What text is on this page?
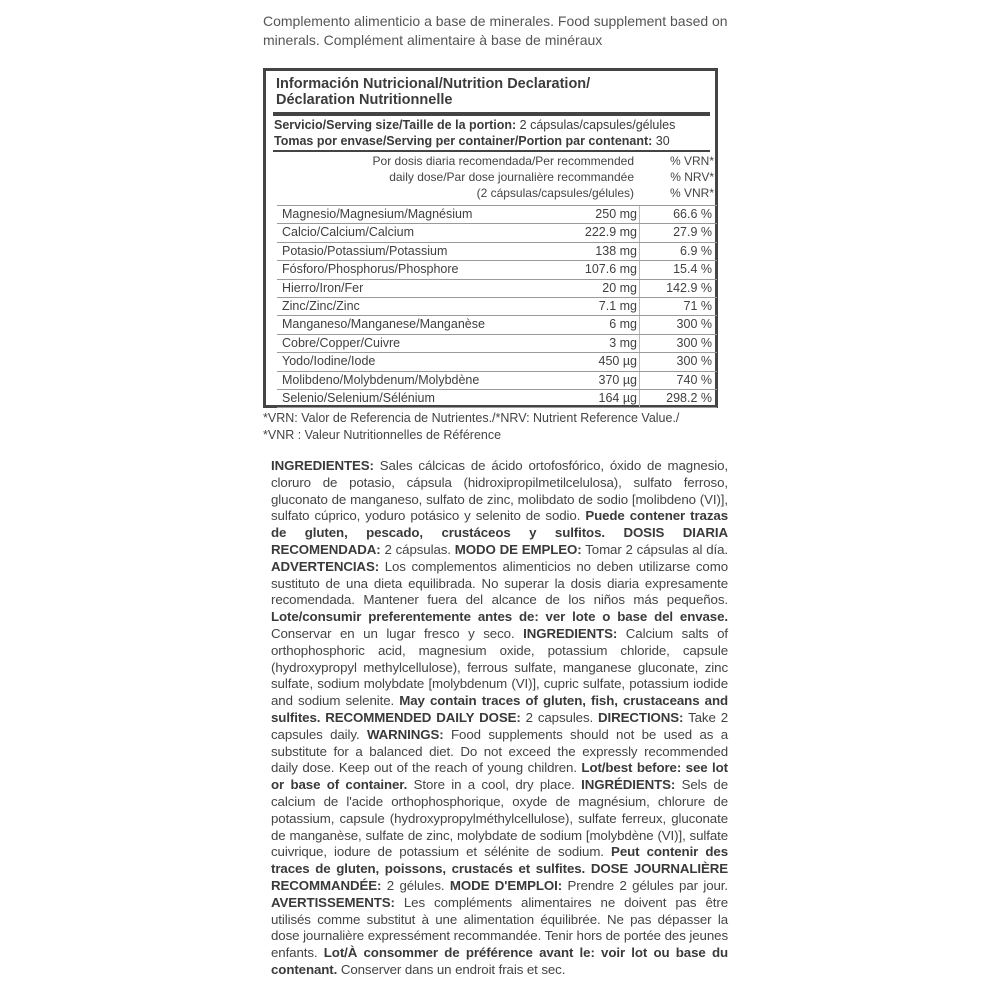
Complemento alimenticio a base de minerales. Food supplement based on minerals. Complément alimentaire à base de minéraux
Información Nutricional/Nutrition Declaration/
Déclaration Nutritionnelle
Servicio/Serving size/Taille de la portion: 2 cápsulas/capsules/gélules
Tomas por envase/Serving per container/Portion par contenant: 30
Por dosis diaria recomendada/Per recommended
daily dose/Par dose journalière recommandée
(2 cápsulas/capsules/gélules)
% VRN*
% NRV*
% VNR*
Magnesio/Magnesium/Magnésium	250 mg	66.6 %
Calcio/Calcium/Calcium	222.9 mg	27.9 %
Potasio/Potassium/Potassium	138 mg	6.9 %
Fósforo/Phosphorus/Phosphore	107.6 mg	15.4 %
Hierro/Iron/Fer	20 mg 142.9 %
Zinc/Zinc/Zinc	7.1 mg	71 %
Manganeso/Manganese/Manganèse	6 mg	300 %
Cobre/Copper/Cuivre	3 mg	300 %
Yodo/Iodine/Iode	450 µg	300 %
Molibdeno/Molybdenum/Molybdène	370 µg	740 %
Selenio/Selenium/Sélénium	164 µg 298.2 %
*VRN: Valor de Referencia de Nutrientes./*NRV: Nutrient Reference Value./
*VNR : Valeur Nutritionnelles de Référence
INGREDIENTES: Sales cálcicas de ácido ortofosfórico, óxido de magnesio, cloruro de potasio, cápsula (hidroxipropilmetilcelulosa), sulfato ferroso, gluconato de manganeso, sulfato de zinc, molibdato de sodio [molibdeno (VI)], sulfato cúprico, yoduro potásico y selenito de sodio. Puede contener trazas de gluten, pescado, crustáceos y sulfitos. DOSIS DIARIA RECOMENDADA: 2 cápsulas. MODO DE EMPLEO: Tomar 2 cápsulas al día. ADVERTENCIAS: Los complementos alimenticios no deben utilizarse como sustituto de una dieta equilibrada. No superar la dosis diaria expresamente recomendada. Mantener fuera del alcance de los niños más pequeños. Lote/consumir preferentemente antes de: ver lote o base del envase. Conservar en un lugar fresco y seco. INGREDIENTS: Calcium salts of orthophosphoric acid, magnesium oxide, potassium chloride, capsule (hydroxypropyl methylcellulose), ferrous sulfate, manganese gluconate, zinc sulfate, sodium molybdate [molybdenum (VI)], cupric sulfate, potassium iodide and sodium selenite. May contain traces of gluten, fish, crustaceans and sulfites. RECOMMENDED DAILY DOSE: 2 capsules. DIRECTIONS: Take 2 capsules daily. WARNINGS: Food supplements should not be used as a substitute for a balanced diet. Do not exceed the expressly recommended daily dose. Keep out of the reach of young children. Lot/best before: see lot or base of container. Store in a cool, dry place. INGRÉDIENTS: Sels de calcium de l'acide orthophosphorique, oxyde de magnésium, chlorure de potassium, capsule (hydroxypropylméthylcellulose), sulfate ferreux, gluconate de manganèse, sulfate de zinc, molybdate de sodium [molybdène (VI)], sulfate cuivrique, iodure de potassium et sélénite de sodium. Peut contenir des traces de gluten, poissons, crustacés et sulfites. DOSE JOURNALIÈRE RECOMMANDÉE: 2 gélules. MODE D'EMPLOI: Prendre 2 gélules par jour. AVERTISSEMENTS: Les compléments alimentaires ne doivent pas être utilisés comme substitut à une alimentation équilibrée. Ne pas dépasser la dose journalière expressément recommandée. Tenir hors de portée des jeunes enfants. Lot/À consommer de préférence avant le: voir lot ou base du contenant. Conserver dans un endroit frais et sec.
